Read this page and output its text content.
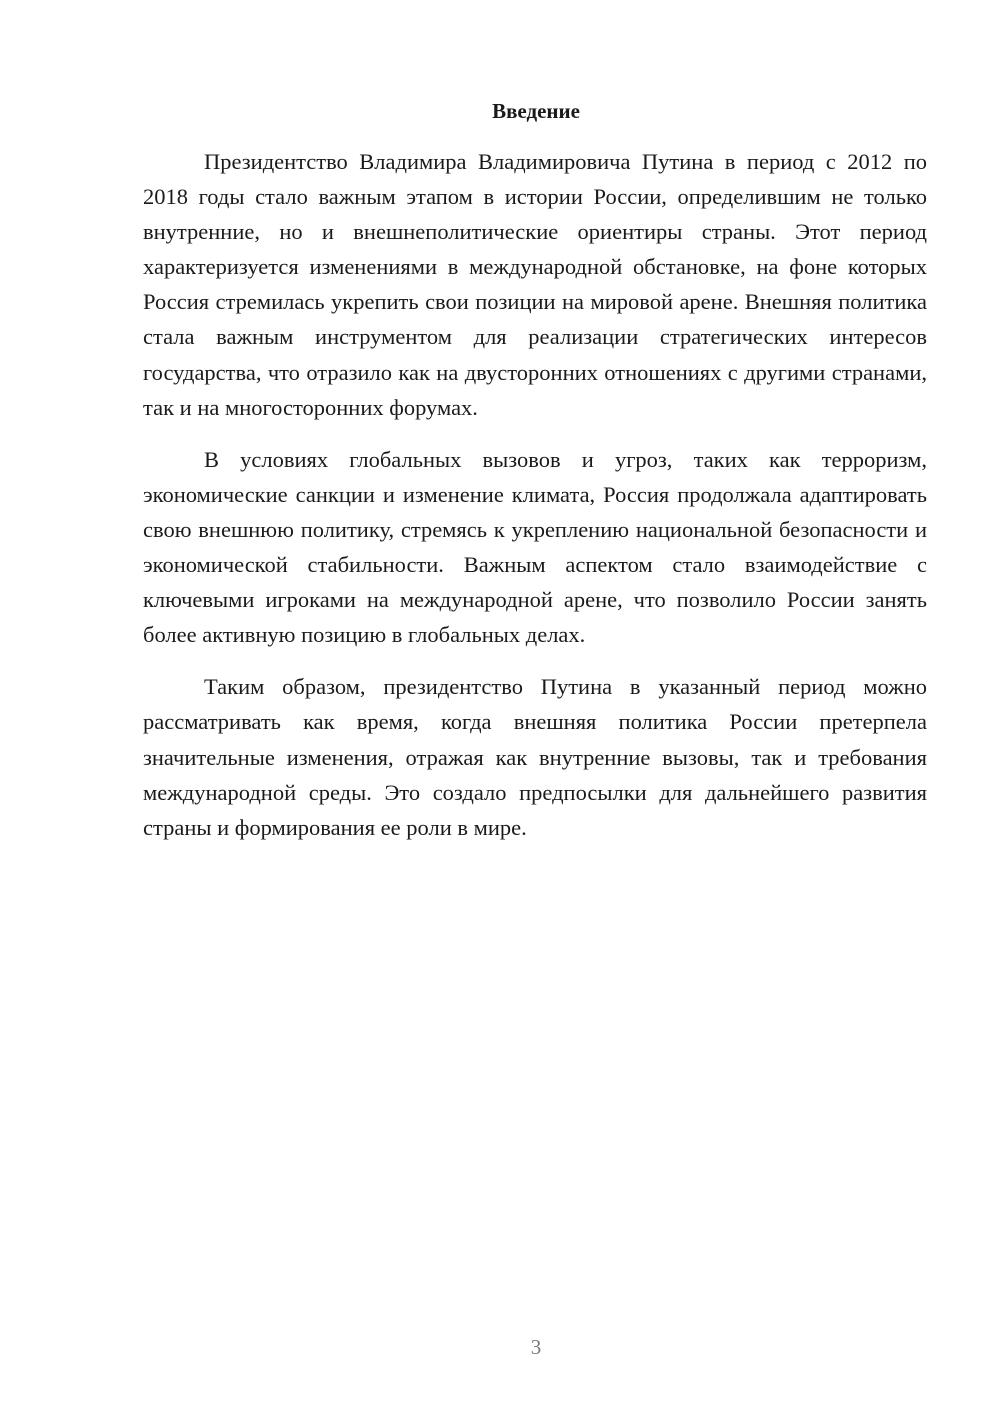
Введение

Президентство Владимира Владимировича Путина в период с 2012 по 2018 годы стало важным этапом в истории России, определившим не только внутренние, но и внешнеполитические ориентиры страны. Этот период характеризуется изменениями в международной обстановке, на фоне которых Россия стремилась укрепить свои позиции на мировой арене. Внешняя политика стала важным инструментом для реализации стратегических интересов государства, что отразило как на двусторонних отношениях с другими странами, так и на многосторонних форумах.

В условиях глобальных вызовов и угроз, таких как терроризм, экономические санкции и изменение климата, Россия продолжала адаптировать свою внешнюю политику, стремясь к укреплению национальной безопасности и экономической стабильности. Важным аспектом стало взаимодействие с ключевыми игроками на международной арене, что позволило России занять более активную позицию в глобальных делах.

Таким образом, президентство Путина в указанный период можно рассматривать как время, когда внешняя политика России претерпела значительные изменения, отражая как внутренние вызовы, так и требования международной среды. Это создало предпосылки для дальнейшего развития страны и формирования ее роли в мире.

3
